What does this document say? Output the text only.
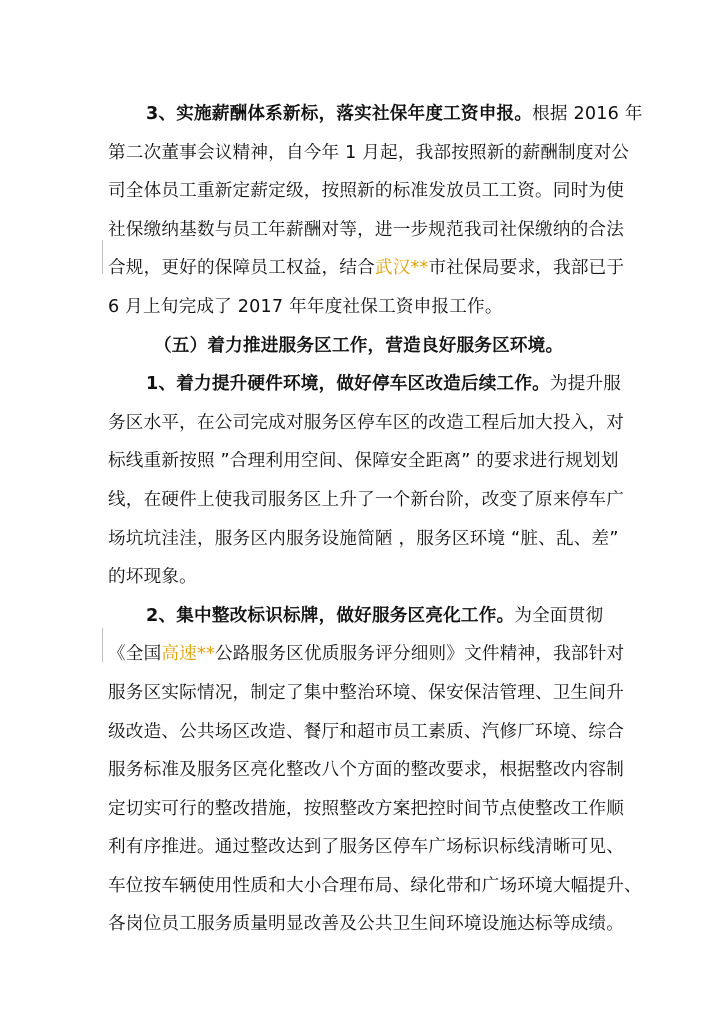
3、实施薪酬体系新标，落实社保年度工资申报。根据 2016 年
第二次董事会议精神，自今年 1 月起，我部按照新的薪酬制度对公
司全体员工重新定薪定级，按照新的标准发放员工工资。同时为使
社保缴纳基数与员工年薪酬对等，进一步规范我司社保缴纳的合法
合规，更好的保障员工权益，结合武汉**市社保局要求，我部已于
6 月上旬完成了 2017 年年度社保工资申报工作。
（五）着力推进服务区工作，营造良好服务区环境。
1、着力提升硬件环境，做好停车区改造后续工作。为提升服
务区水平，在公司完成对服务区停车区的改造工程后加大投入，对
标线重新按照 ”合理利用空间、保障安全距离” 的要求进行规划划
线，在硬件上使我司服务区上升了一个新台阶，改变了原来停车广
场坑坑洼洼，服务区内服务设施简陋 ，服务区环境 “脏、乱、差”
的坏现象。
2、集中整改标识标牌，做好服务区亮化工作。为全面贯彻
《全国高速**公路服务区优质服务评分细则》文件精神，我部针对
服务区实际情况，制定了集中整治环境、保安保洁管理、卫生间升
级改造、公共场区改造、餐厅和超市员工素质、汽修厂环境、综合
服务标准及服务区亮化整改八个方面的整改要求，根据整改内容制
定切实可行的整改措施，按照整改方案把控时间节点使整改工作顺
利有序推进。通过整改达到了服务区停车广场标识标线清晰可见、
车位按车辆使用性质和大小合理布局、绿化带和广场环境大幅提升、
各岗位员工服务质量明显改善及公共卫生间环境设施达标等成绩。
